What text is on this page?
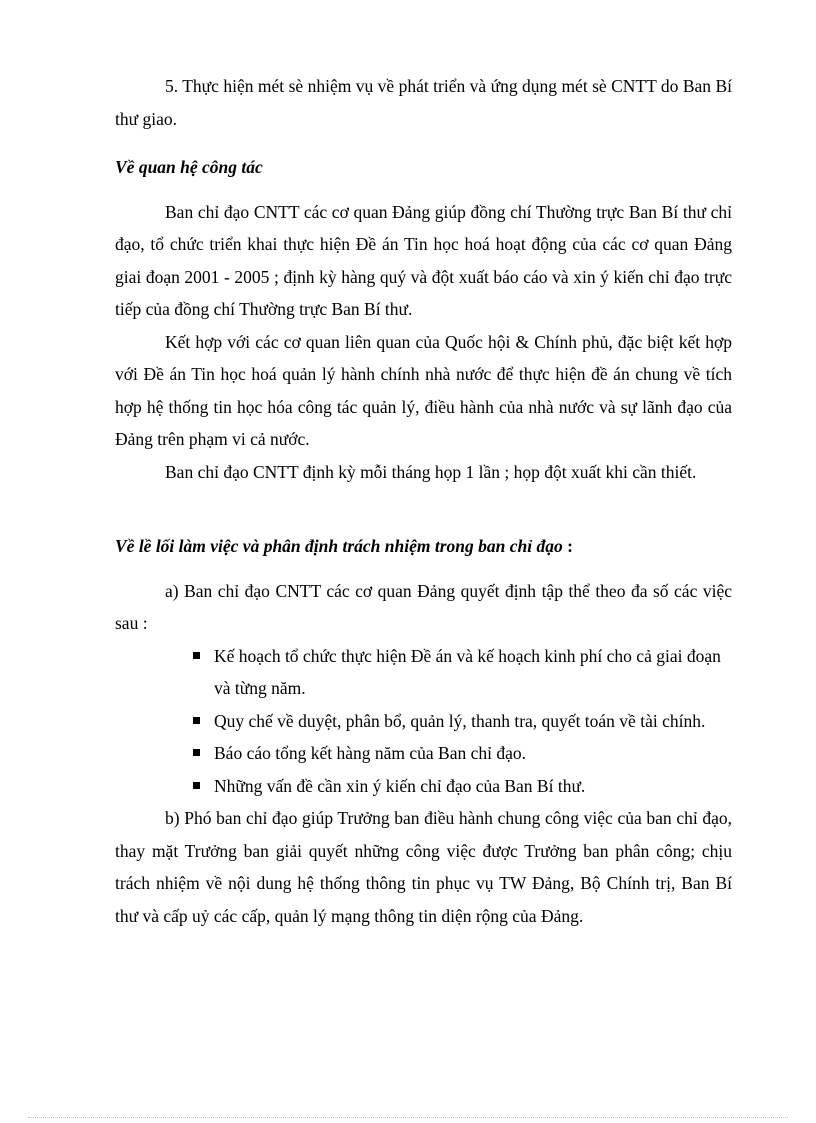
5. Thực hiện mét sè nhiệm vụ về phát triển và ứng dụng mét sè CNTT do Ban Bí thư giao.

Về quan hệ công tác

Ban chỉ đạo CNTT các cơ quan Đảng giúp đồng chí Thường trực Ban Bí thư chỉ đạo, tổ chức triển khai thực hiện Đề án Tin học hoá hoạt động của các cơ quan Đảng giai đoạn 2001 - 2005 ; định kỳ hàng quý và đột xuất báo cáo và xin ý kiến chỉ đạo trực tiếp của đồng chí Thường trực Ban Bí thư.

Kết hợp với các cơ quan liên quan của Quốc hội & Chính phủ, đặc biệt kết hợp với Đề án Tin học hoá quản lý hành chính nhà nước để thực hiện đề án chung về tích hợp hệ thống tin học hóa công tác quản lý, điều hành của nhà nước và sự lãnh đạo của Đảng trên phạm vi cả nước.

Ban chỉ đạo CNTT định kỳ mỗi tháng họp 1 lần ; họp đột xuất khi cần thiết.

Về lề lối làm việc và phân định trách nhiệm trong ban chỉ đạo :

a) Ban chỉ đạo CNTT các cơ quan Đảng quyết định tập thể theo đa số các việc sau :

Kế hoạch tổ chức thực hiện Đề án và kế hoạch kinh phí cho cả giai đoạn và từng năm.
Quy chế về duyệt, phân bổ, quản lý, thanh tra, quyết toán về tài chính.
Báo cáo tổng kết hàng năm của Ban chỉ đạo.
Những vấn đề cần xin ý kiến chỉ đạo của Ban Bí thư.

b) Phó ban chỉ đạo giúp Trưởng ban điều hành chung công việc của ban chỉ đạo, thay mặt Trưởng ban giải quyết những công việc được Trưởng ban phân công; chịu trách nhiệm về nội dung hệ thống thông tin phục vụ TW Đảng, Bộ Chính trị, Ban Bí thư và cấp uỷ các cấp, quản lý mạng thông tin diện rộng của Đảng.
